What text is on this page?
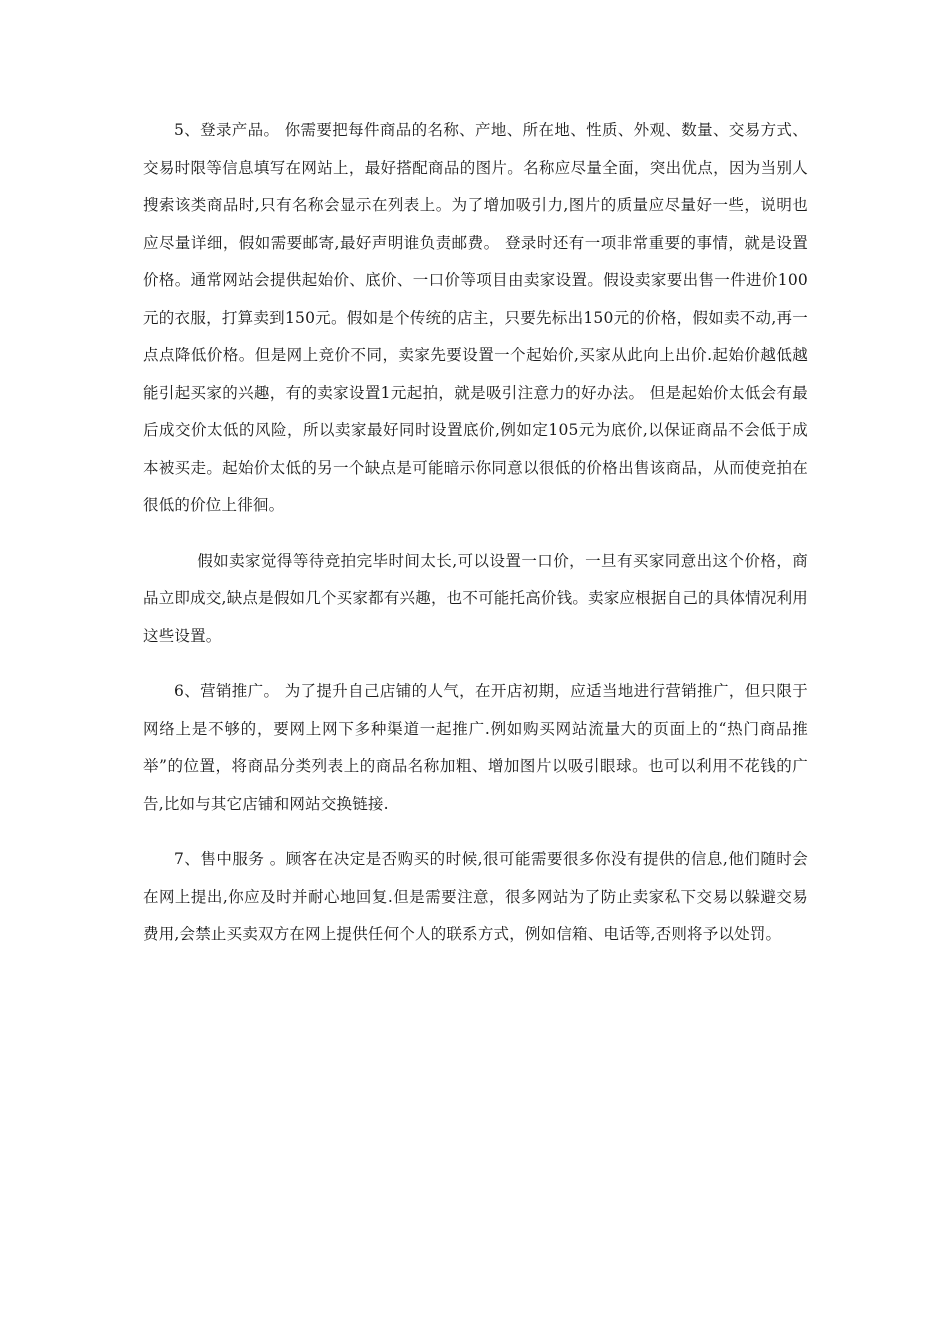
5、登录产品。 你需要把每件商品的名称、产地、所在地、性质、外观、数量、交易方式、交易时限等信息填写在网站上，最好搭配商品的图片。名称应尽量全面，突出优点，因为当别人搜索该类商品时,只有名称会显示在列表上。为了增加吸引力,图片的质量应尽量好一些，说明也应尽量详细，假如需要邮寄,最好声明谁负责邮费。 登录时还有一项非常重要的事情，就是设置价格。通常网站会提供起始价、底价、一口价等项目由卖家设置。假设卖家要出售一件进价100元的衣服，打算卖到150元。假如是个传统的店主，只要先标出150元的价格，假如卖不动,再一点点降低价格。但是网上竞价不同，卖家先要设置一个起始价,买家从此向上出价.起始价越低越能引起买家的兴趣，有的卖家设置1元起拍，就是吸引注意力的好办法。 但是起始价太低会有最后成交价太低的风险，所以卖家最好同时设置底价,例如定105元为底价,以保证商品不会低于成本被买走。起始价太低的另一个缺点是可能暗示你同意以很低的价格出售该商品，从而使竞拍在很低的价位上徘徊。

假如卖家觉得等待竞拍完毕时间太长,可以设置一口价，一旦有买家同意出这个价格，商品立即成交,缺点是假如几个买家都有兴趣，也不可能托高价钱。卖家应根据自己的具体情况利用这些设置。

6、营销推广。 为了提升自己店铺的人气，在开店初期，应适当地进行营销推广，但只限于网络上是不够的，要网上网下多种渠道一起推广.例如购买网站流量大的页面上的“热门商品推举”的位置，将商品分类列表上的商品名称加粗、增加图片以吸引眼球。也可以利用不花钱的广告,比如与其它店铺和网站交换链接.

7、售中服务 。顾客在决定是否购买的时候,很可能需要很多你没有提供的信息,他们随时会在网上提出,你应及时并耐心地回复.但是需要注意，很多网站为了防止卖家私下交易以躲避交易费用,会禁止买卖双方在网上提供任何个人的联系方式，例如信箱、电话等,否则将予以处罚。
